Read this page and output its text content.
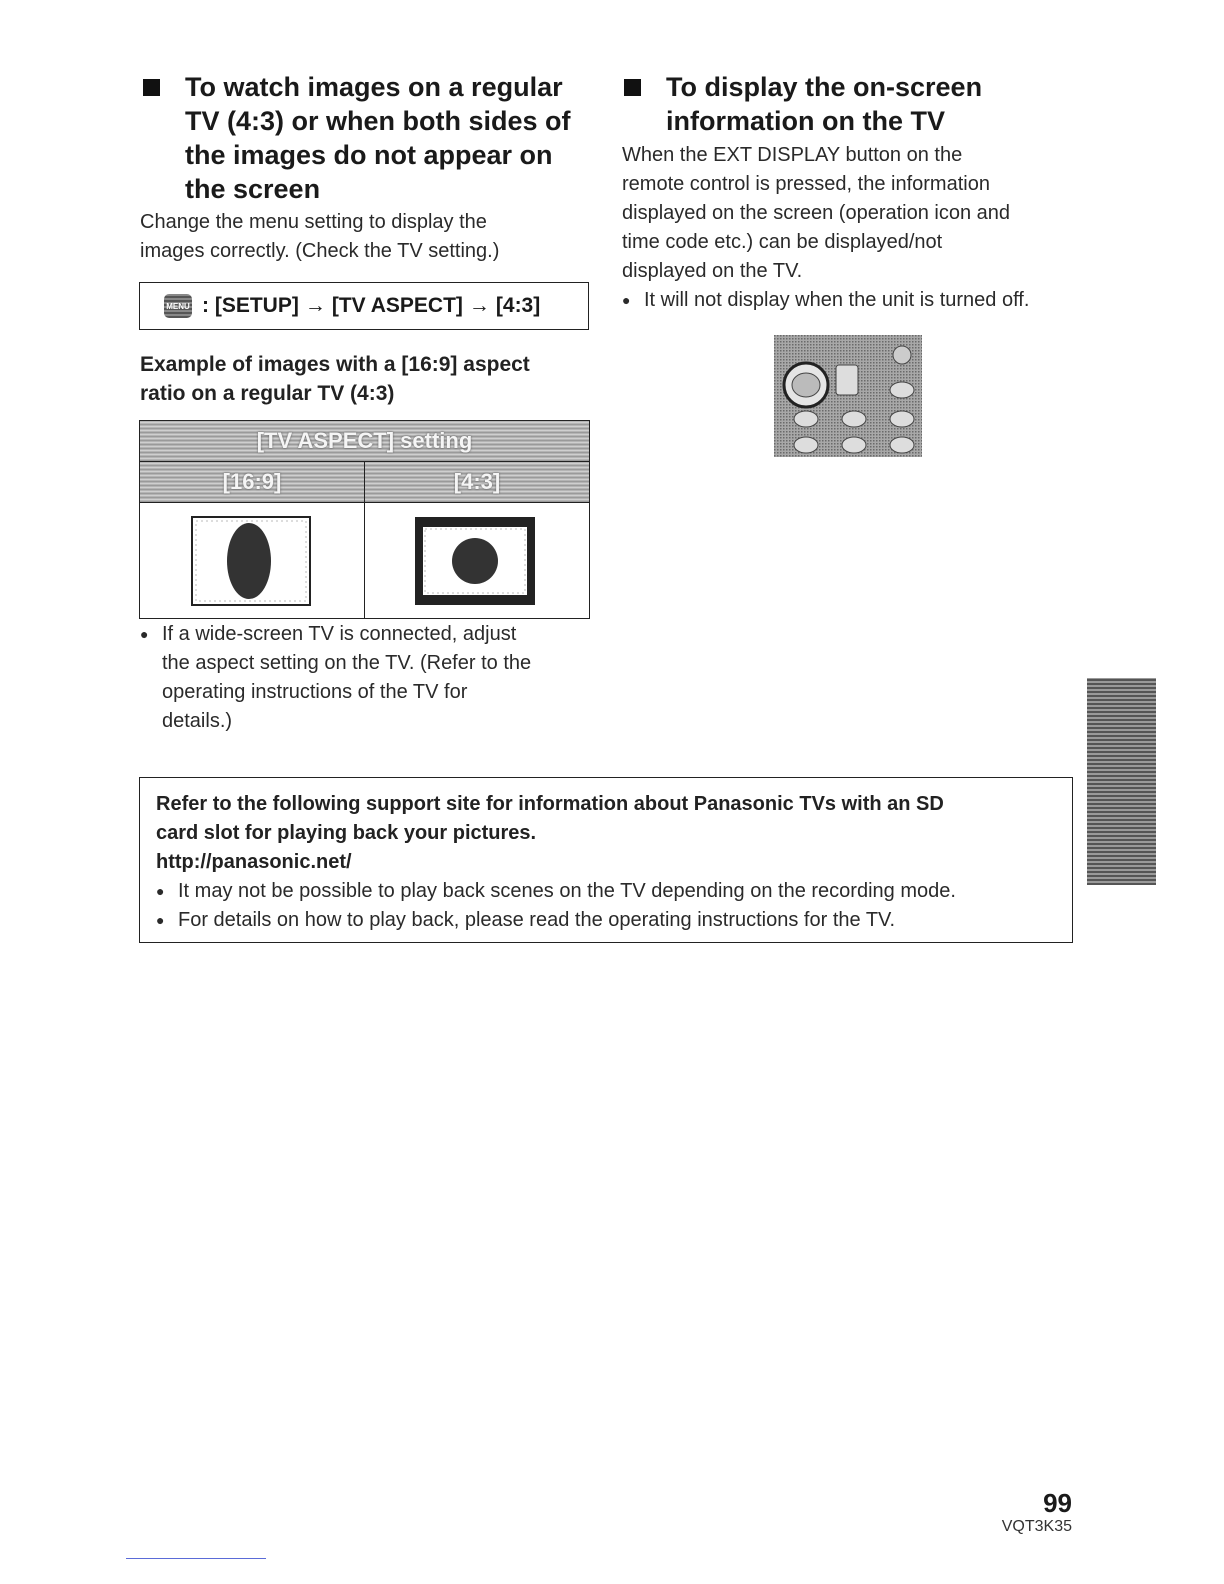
To watch images on a regular
TV (4:3) or when both sides of
the images do not appear on
the screen
Change the menu setting to display the
images correctly. (Check the TV setting.)
MENU : [SETUP] → [TV ASPECT] → [4:3]
Example of images with a [16:9] aspect
ratio on a regular TV (4:3)
[TV ASPECT] setting	
[16:9]	[4:3]

● If a wide-screen TV is connected, adjust
the aspect setting on the TV. (Refer to the
operating instructions of the TV for
details.)
To display the on-screen
information on the TV
When the EXT DISPLAY button on the
remote control is pressed, the information
displayed on the screen (operation icon and
time code etc.) can be displayed/not
displayed on the TV.
● It will not display when the unit is turned off.
Refer to the following support site for information about Panasonic TVs with an SD
card slot for playing back your pictures.
http://panasonic.net/
● It may not be possible to play back scenes on the TV depending on the recording mode.
● For details on how to play back, please read the operating instructions for the TV.
99
VQT3K35
